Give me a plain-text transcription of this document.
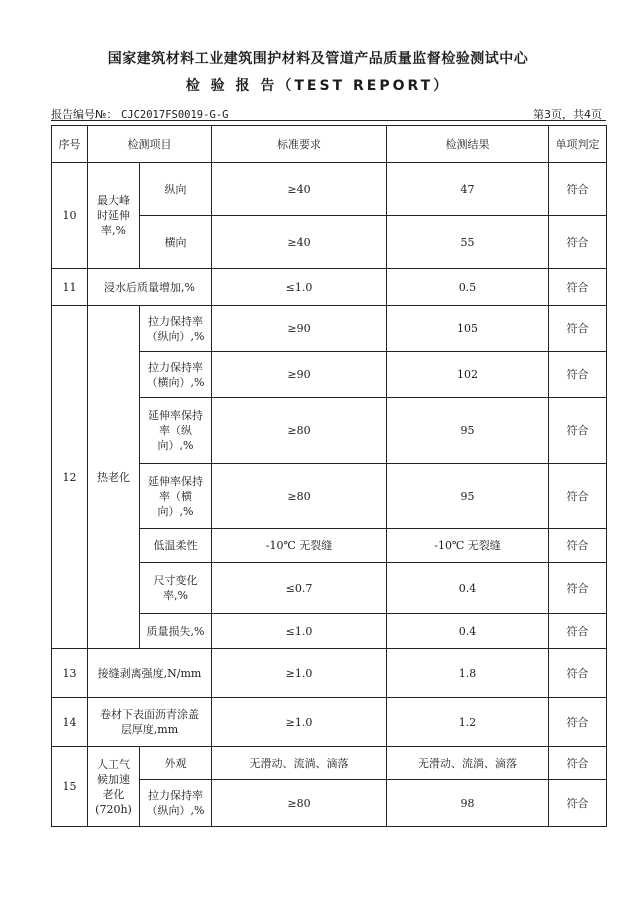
国家建筑材料工业建筑围护材料及管道产品质量监督检验测试中心
检 验 报 告（TEST REPORT）
报告编号№： CJC2017FS0019-G-G	第3页，共4页
序号	检测项目		标准要求	检测结果	单项判定
10	最大峰时延伸率,%	纵向	≥40	47	符合
		横向	≥40	55	符合
11	浸水后质量增加,%		≤1.0	0.5	符合
12	热老化	拉力保持率（纵向）,%	≥90	105	符合
		拉力保持率（横向）,%	≥90	102	符合
		延伸率保持率（纵向）,%	≥80	95	符合
		延伸率保持率（横向）,%	≥80	95	符合
		低温柔性	-10℃ 无裂缝	-10℃ 无裂缝	符合
		尺寸变化率,%	≤0.7	0.4	符合
		质量损失,%	≤1.0	0.4	符合
13	接缝剥离强度,N/mm		≥1.0	1.8	符合
14	卷材下表面沥青涂盖层厚度,mm		≥1.0	1.2	符合
15	人工气候加速老化(720h)	外观	无滑动、流淌、滴落	无滑动、流淌、滴落	符合
		拉力保持率（纵向）,%	≥80	98	符合
